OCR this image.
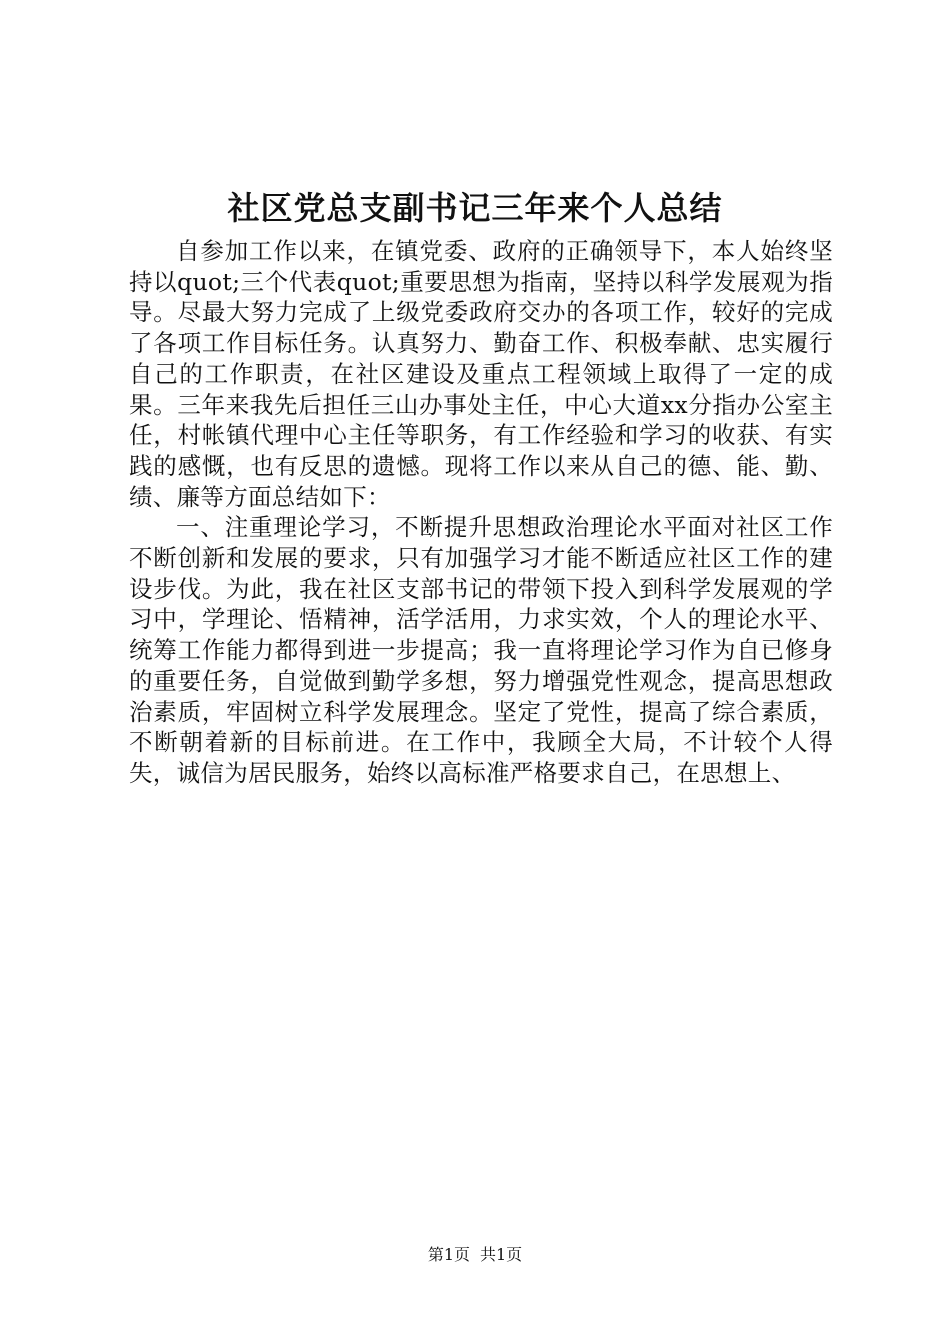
社区党总支副书记三年来个人总结

自参加工作以来，在镇党委、政府的正确领导下，本人始终坚持以quot;三个代表quot;重要思想为指南，坚持以科学发展观为指导。尽最大努力完成了上级党委政府交办的各项工作，较好的完成了各项工作目标任务。认真努力、勤奋工作、积极奉献、忠实履行自己的工作职责，在社区建设及重点工程领域上取得了一定的成果。三年来我先后担任三山办事处主任，中心大道xx分指办公室主任，村帐镇代理中心主任等职务，有工作经验和学习的收获、有实践的感慨，也有反思的遗憾。现将工作以来从自己的德、能、勤、绩、廉等方面总结如下：

一、注重理论学习，不断提升思想政治理论水平面对社区工作不断创新和发展的要求，只有加强学习才能不断适应社区工作的建设步伐。为此，我在社区支部书记的带领下投入到科学发展观的学习中，学理论、悟精神，活学活用，力求实效，个人的理论水平、统筹工作能力都得到进一步提高；我一直将理论学习作为自已修身的重要任务，自觉做到勤学多想，努力增强党性观念，提高思想政治素质，牢固树立科学发展理念。坚定了党性，提高了综合素质，不断朝着新的目标前进。在工作中，我顾全大局，不计较个人得失，诚信为居民服务，始终以高标准严格要求自己，在思想上、

第1页 共1页
